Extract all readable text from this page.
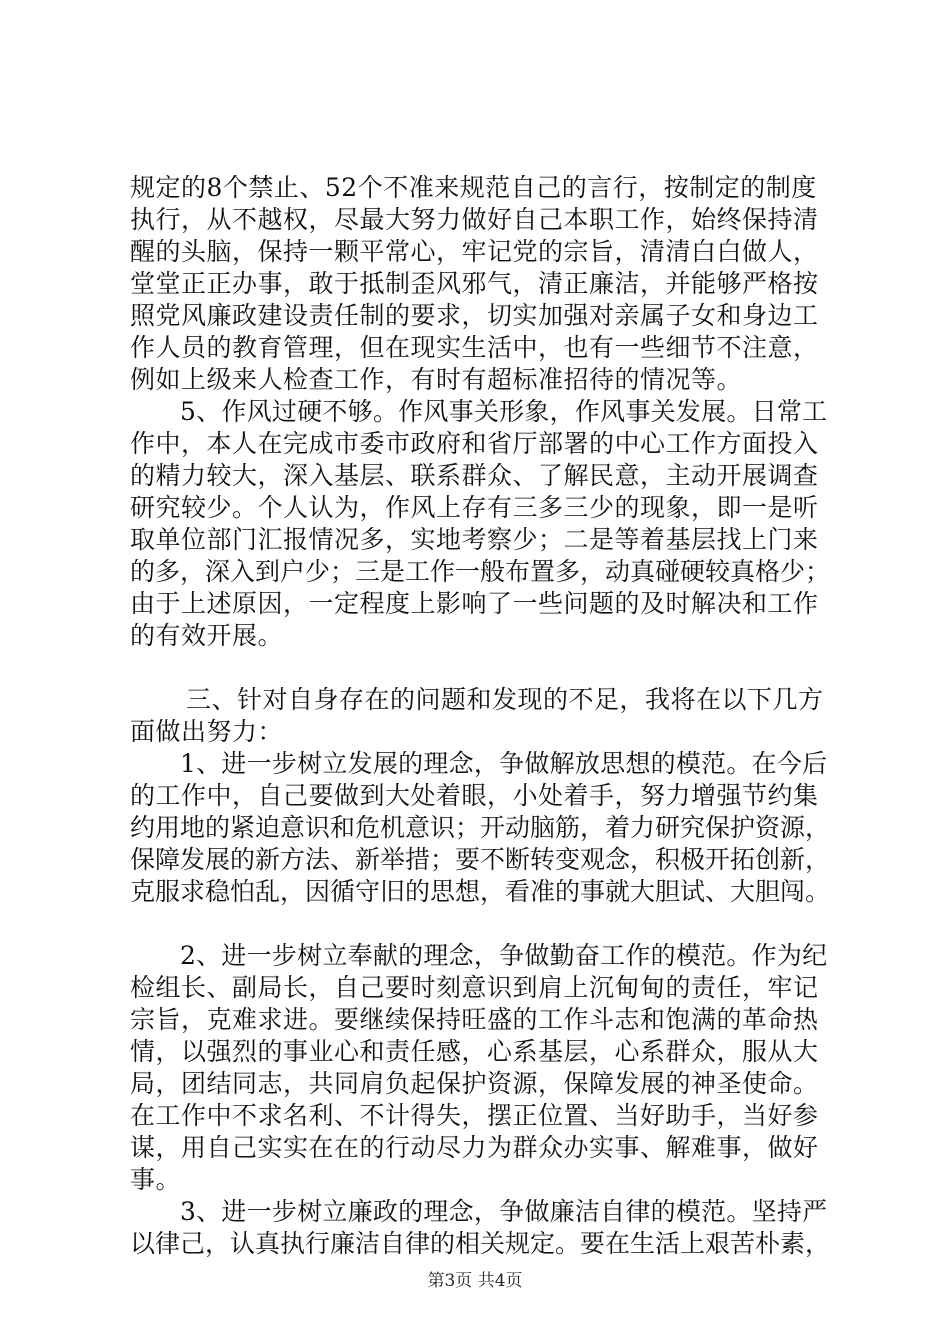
规定的8个禁止、52个不准来规范自己的言行，按制定的制度
执行，从不越权，尽最大努力做好自己本职工作，始终保持清
醒的头脑，保持一颗平常心，牢记党的宗旨，清清白白做人，
堂堂正正办事，敢于抵制歪风邪气，清正廉洁，并能够严格按
照党风廉政建设责任制的要求，切实加强对亲属子女和身边工
作人员的教育管理，但在现实生活中，也有一些细节不注意，
例如上级来人检查工作，有时有超标准招待的情况等。
5、作风过硬不够。作风事关形象，作风事关发展。日常工
作中，本人在完成市委市政府和省厅部署的中心工作方面投入
的精力较大，深入基层、联系群众、了解民意，主动开展调查
研究较少。个人认为，作风上存有三多三少的现象，即一是听
取单位部门汇报情况多，实地考察少；二是等着基层找上门来
的多，深入到户少；三是工作一般布置多，动真碰硬较真格少；
由于上述原因，一定程度上影响了一些问题的及时解决和工作
的有效开展。
三、针对自身存在的问题和发现的不足，我将在以下几方
面做出努力：
1、进一步树立发展的理念，争做解放思想的模范。在今后
的工作中，自己要做到大处着眼，小处着手，努力增强节约集
约用地的紧迫意识和危机意识；开动脑筋，着力研究保护资源，
保障发展的新方法、新举措；要不断转变观念，积极开拓创新，
克服求稳怕乱，因循守旧的思想，看准的事就大胆试、大胆闯。
2、进一步树立奉献的理念，争做勤奋工作的模范。作为纪
检组长、副局长，自己要时刻意识到肩上沉甸甸的责任，牢记
宗旨，克难求进。要继续保持旺盛的工作斗志和饱满的革命热
情，以强烈的事业心和责任感，心系基层，心系群众，服从大
局，团结同志，共同肩负起保护资源，保障发展的神圣使命。
在工作中不求名利、不计得失，摆正位置、当好助手，当好参
谋，用自己实实在在的行动尽力为群众办实事、解难事，做好
事。
3、进一步树立廉政的理念，争做廉洁自律的模范。坚持严
以律己，认真执行廉洁自律的相关规定。要在生活上艰苦朴素，
第3页 共4页
